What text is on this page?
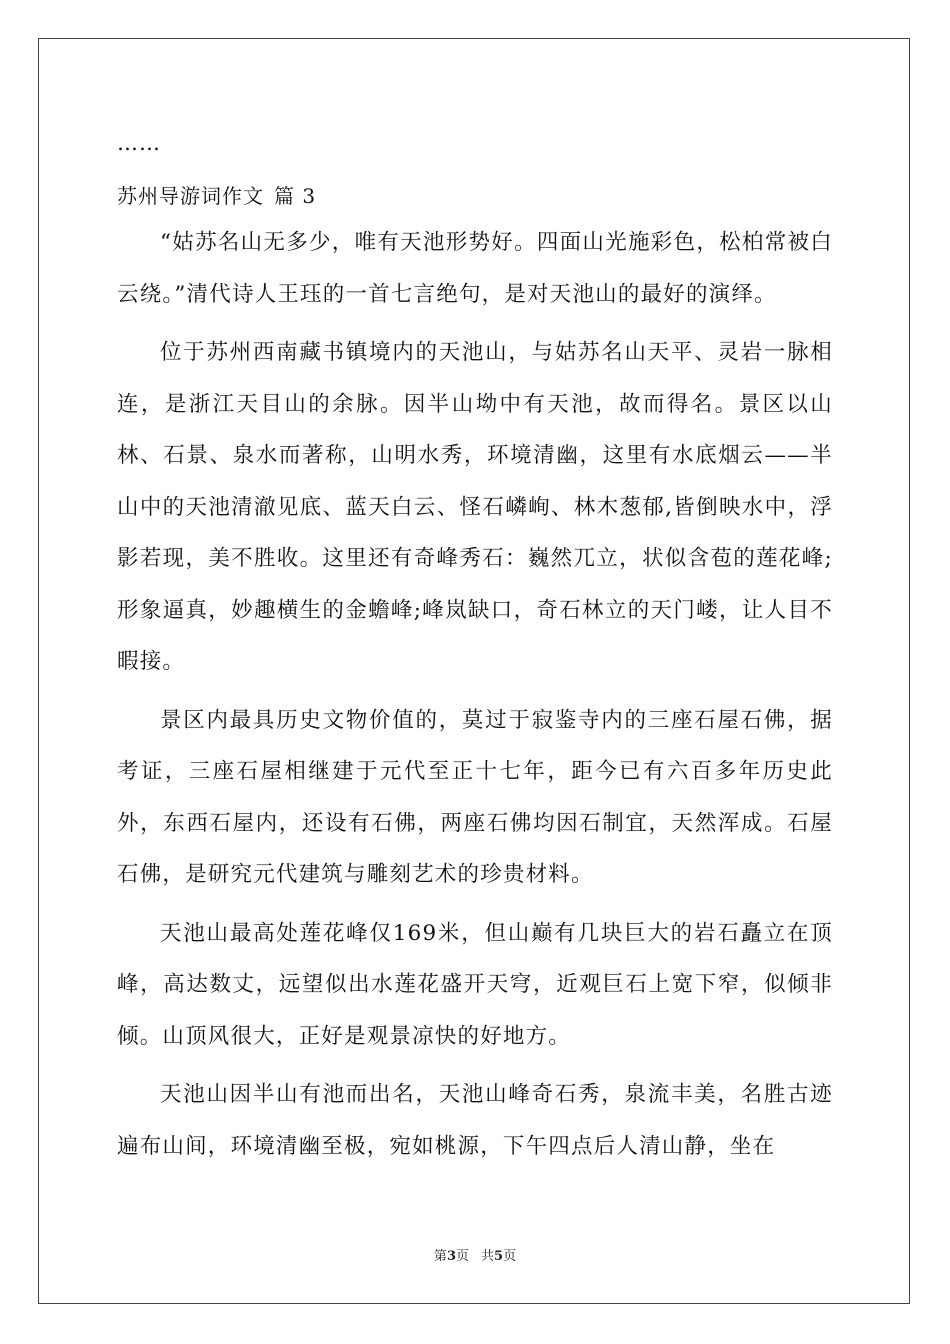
……
苏州导游词作文 篇 3

“姑苏名山无多少，唯有天池形势好。四面山光施彩色，松柏常被白云绕。”清代诗人王珏的一首七言绝句，是对天池山的最好的演绎。

位于苏州西南藏书镇境内的天池山，与姑苏名山天平、灵岩一脉相连，是浙江天目山的余脉。因半山坳中有天池，故而得名。景区以山林、石景、泉水而著称，山明水秀，环境清幽，这里有水底烟云——半山中的天池清澈见底、蓝天白云、怪石嶙峋、林木葱郁,皆倒映水中，浮影若现，美不胜收。这里还有奇峰秀石：巍然兀立，状似含苞的莲花峰;形象逼真，妙趣横生的金蟾峰;峰岚缺口，奇石林立的天门嵝，让人目不暇接。

景区内最具历史文物价值的，莫过于寂鉴寺内的三座石屋石佛，据考证，三座石屋相继建于元代至正十七年，距今已有六百多年历史此外，东西石屋内，还设有石佛，两座石佛均因石制宜，天然浑成。石屋石佛，是研究元代建筑与雕刻艺术的珍贵材料。

天池山最高处莲花峰仅169米，但山巅有几块巨大的岩石矗立在顶峰，高达数丈，远望似出水莲花盛开天穹，近观巨石上宽下窄，似倾非倾。山顶风很大，正好是观景凉快的好地方。

天池山因半山有池而出名，天池山峰奇石秀，泉流丰美，名胜古迹遍布山间，环境清幽至极，宛如桃源，下午四点后人清山静，坐在

第3页 共5页
